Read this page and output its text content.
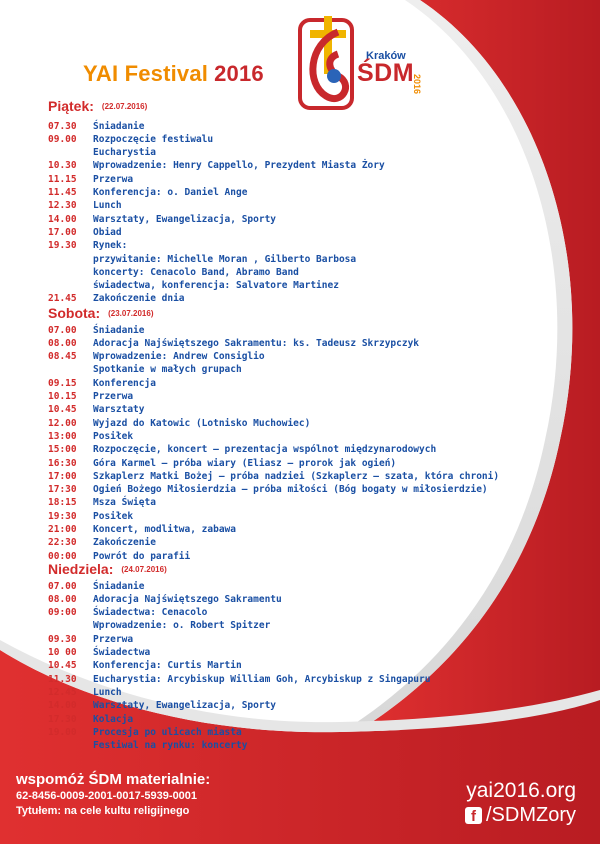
YAI Festival 2016
Kraków
ŚDM
2016
Piątek: (22.07.2016)
07.30	Śniadanie
09.00	Rozpoczęcie festiwalu
Eucharystia
10.30	Wprowadzenie: Henry Cappello, Prezydent Miasta Żory
11.15	Przerwa
11.45	Konferencja: o. Daniel Ange
12.30	Lunch
14.00	Warsztaty, Ewangelizacja, Sporty
17.00	Obiad
19.30	Rynek:
przywitanie: Michelle Moran , Gilberto Barbosa
koncerty: Cenacolo Band, Abramo Band
świadectwa, konferencja: Salvatore Martinez
21.45	Zakończenie dnia
Sobota: (23.07.2016)
07.00	Śniadanie
08.00	Adoracja Najświętszego Sakramentu: ks. Tadeusz Skrzypczyk
08.45	Wprowadzenie: Andrew Consiglio
Spotkanie w małych grupach
09.15	Konferencja
10.15	Przerwa
10.45	Warsztaty
12.00	Wyjazd do Katowic (Lotnisko Muchowiec)
13:00	Posiłek
15:00	Rozpoczęcie, koncert – prezentacja wspólnot międzynarodowych
16:30	Góra Karmel – próba wiary (Eliasz – prorok jak ogień)
17:00	Szkaplerz Matki Bożej – próba nadziei (Szkaplerz – szata, która chroni)
17:30	Ogień Bożego Miłosierdzia – próba miłości (Bóg bogaty w miłosierdzie)
18:15	Msza Święta
19:30	Posiłek
21:00	Koncert, modlitwa, zabawa
22:30	Zakończenie
00:00	Powrót do parafii
Niedziela: (24.07.2016)
07.00	Śniadanie
08.00	Adoracja Najświętszego Sakramentu
09:00	Świadectwa: Cenacolo
Wprowadzenie: o. Robert Spitzer
09.30	Przerwa
10 00	Świadectwa
10.45	Konferencja: Curtis Martin
11.30	Eucharystia: Arcybiskup William Goh, Arcybiskup z Singapuru
12.45	Lunch
14.00	Warsztaty, Ewangelizacja, Sporty
17.30	Kolacja
19.00	Procesja po ulicach miasta
Festiwal na rynku: koncerty
wspomóż ŚDM materialnie:
62-8456-0009-2001-0017-5939-0001
Tytułem: na cele kultu religijnego
yai2016.org
f /SDMZory
